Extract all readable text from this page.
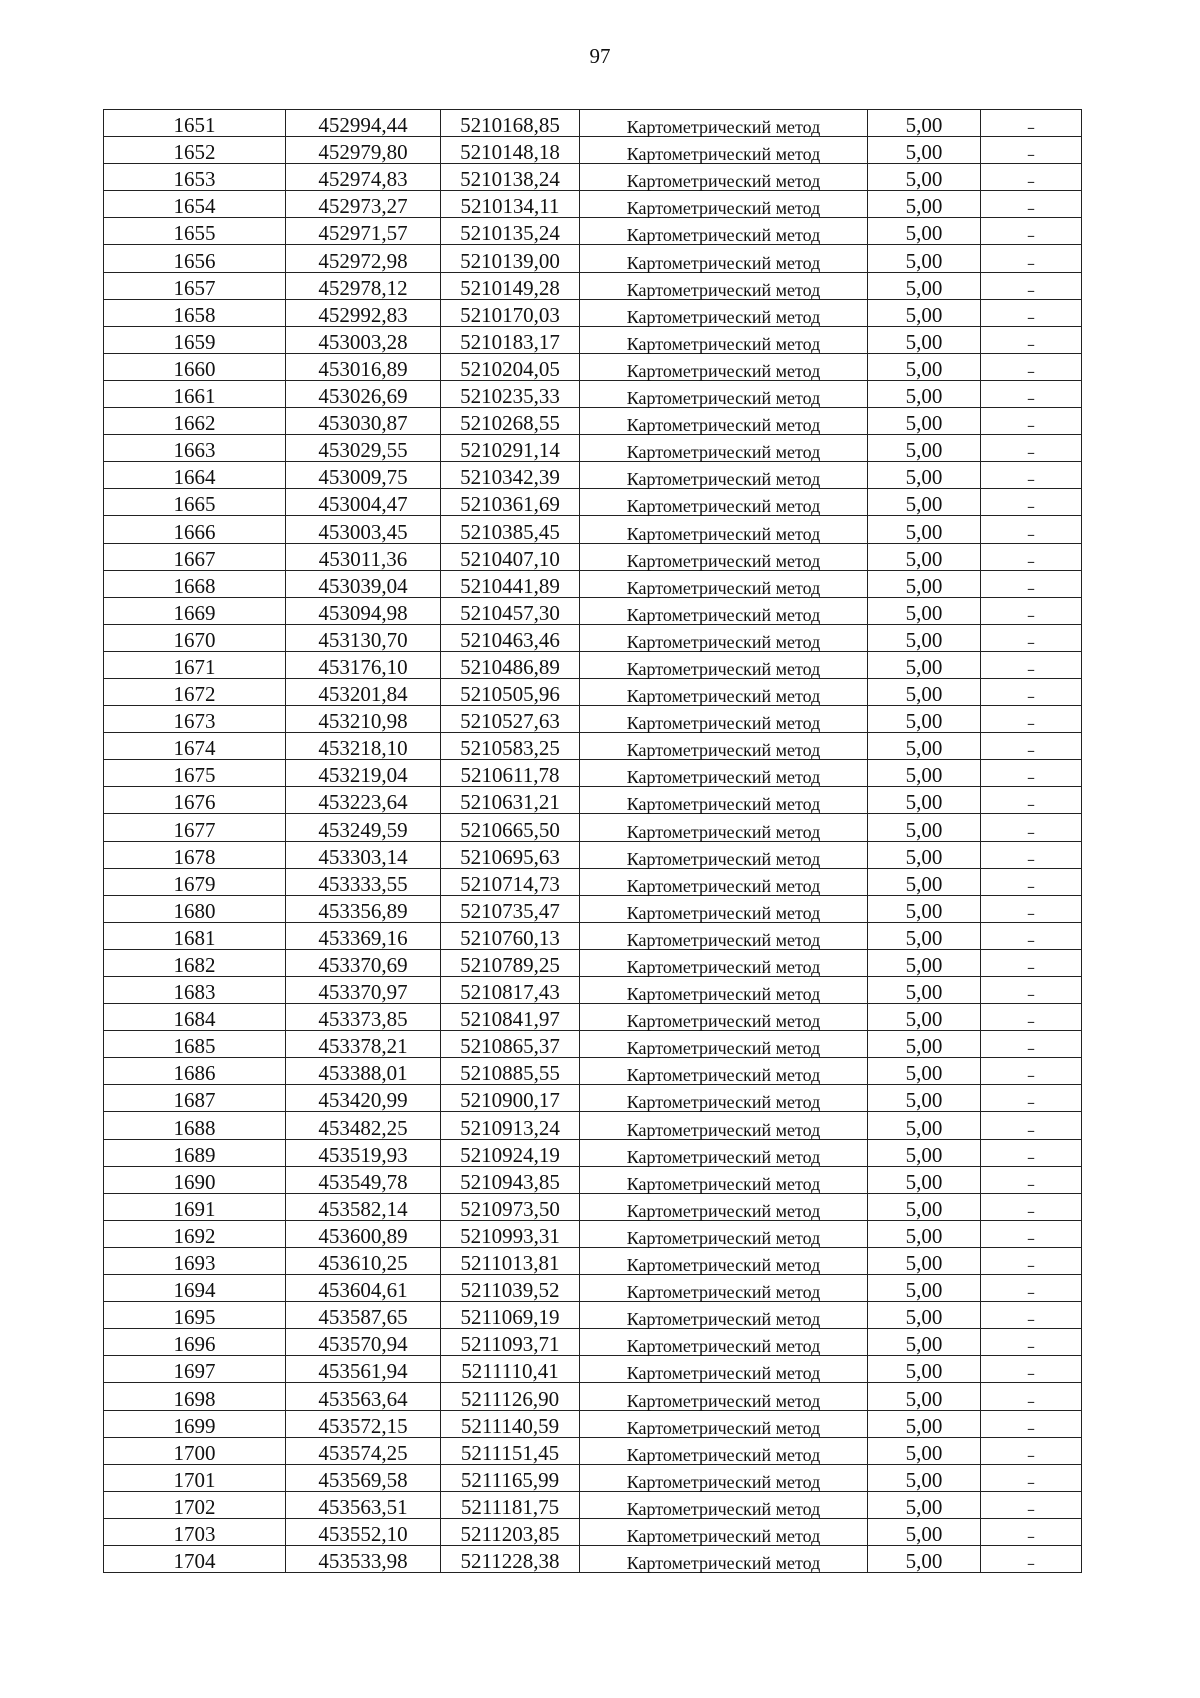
97
1651	452994,44	5210168,85	Картометрический метод	5,00	–
1652	452979,80	5210148,18	Картометрический метод	5,00	–
1653	452974,83	5210138,24	Картометрический метод	5,00	–
1654	452973,27	5210134,11	Картометрический метод	5,00	–
1655	452971,57	5210135,24	Картометрический метод	5,00	–
1656	452972,98	5210139,00	Картометрический метод	5,00	–
1657	452978,12	5210149,28	Картометрический метод	5,00	–
1658	452992,83	5210170,03	Картометрический метод	5,00	–
1659	453003,28	5210183,17	Картометрический метод	5,00	–
1660	453016,89	5210204,05	Картометрический метод	5,00	–
1661	453026,69	5210235,33	Картометрический метод	5,00	–
1662	453030,87	5210268,55	Картометрический метод	5,00	–
1663	453029,55	5210291,14	Картометрический метод	5,00	–
1664	453009,75	5210342,39	Картометрический метод	5,00	–
1665	453004,47	5210361,69	Картометрический метод	5,00	–
1666	453003,45	5210385,45	Картометрический метод	5,00	–
1667	453011,36	5210407,10	Картометрический метод	5,00	–
1668	453039,04	5210441,89	Картометрический метод	5,00	–
1669	453094,98	5210457,30	Картометрический метод	5,00	–
1670	453130,70	5210463,46	Картометрический метод	5,00	–
1671	453176,10	5210486,89	Картометрический метод	5,00	–
1672	453201,84	5210505,96	Картометрический метод	5,00	–
1673	453210,98	5210527,63	Картометрический метод	5,00	–
1674	453218,10	5210583,25	Картометрический метод	5,00	–
1675	453219,04	5210611,78	Картометрический метод	5,00	–
1676	453223,64	5210631,21	Картометрический метод	5,00	–
1677	453249,59	5210665,50	Картометрический метод	5,00	–
1678	453303,14	5210695,63	Картометрический метод	5,00	–
1679	453333,55	5210714,73	Картометрический метод	5,00	–
1680	453356,89	5210735,47	Картометрический метод	5,00	–
1681	453369,16	5210760,13	Картометрический метод	5,00	–
1682	453370,69	5210789,25	Картометрический метод	5,00	–
1683	453370,97	5210817,43	Картометрический метод	5,00	–
1684	453373,85	5210841,97	Картометрический метод	5,00	–
1685	453378,21	5210865,37	Картометрический метод	5,00	–
1686	453388,01	5210885,55	Картометрический метод	5,00	–
1687	453420,99	5210900,17	Картометрический метод	5,00	–
1688	453482,25	5210913,24	Картометрический метод	5,00	–
1689	453519,93	5210924,19	Картометрический метод	5,00	–
1690	453549,78	5210943,85	Картометрический метод	5,00	–
1691	453582,14	5210973,50	Картометрический метод	5,00	–
1692	453600,89	5210993,31	Картометрический метод	5,00	–
1693	453610,25	5211013,81	Картометрический метод	5,00	–
1694	453604,61	5211039,52	Картометрический метод	5,00	–
1695	453587,65	5211069,19	Картометрический метод	5,00	–
1696	453570,94	5211093,71	Картометрический метод	5,00	–
1697	453561,94	5211110,41	Картометрический метод	5,00	–
1698	453563,64	5211126,90	Картометрический метод	5,00	–
1699	453572,15	5211140,59	Картометрический метод	5,00	–
1700	453574,25	5211151,45	Картометрический метод	5,00	–
1701	453569,58	5211165,99	Картометрический метод	5,00	–
1702	453563,51	5211181,75	Картометрический метод	5,00	–
1703	453552,10	5211203,85	Картометрический метод	5,00	–
1704	453533,98	5211228,38	Картометрический метод	5,00	–
